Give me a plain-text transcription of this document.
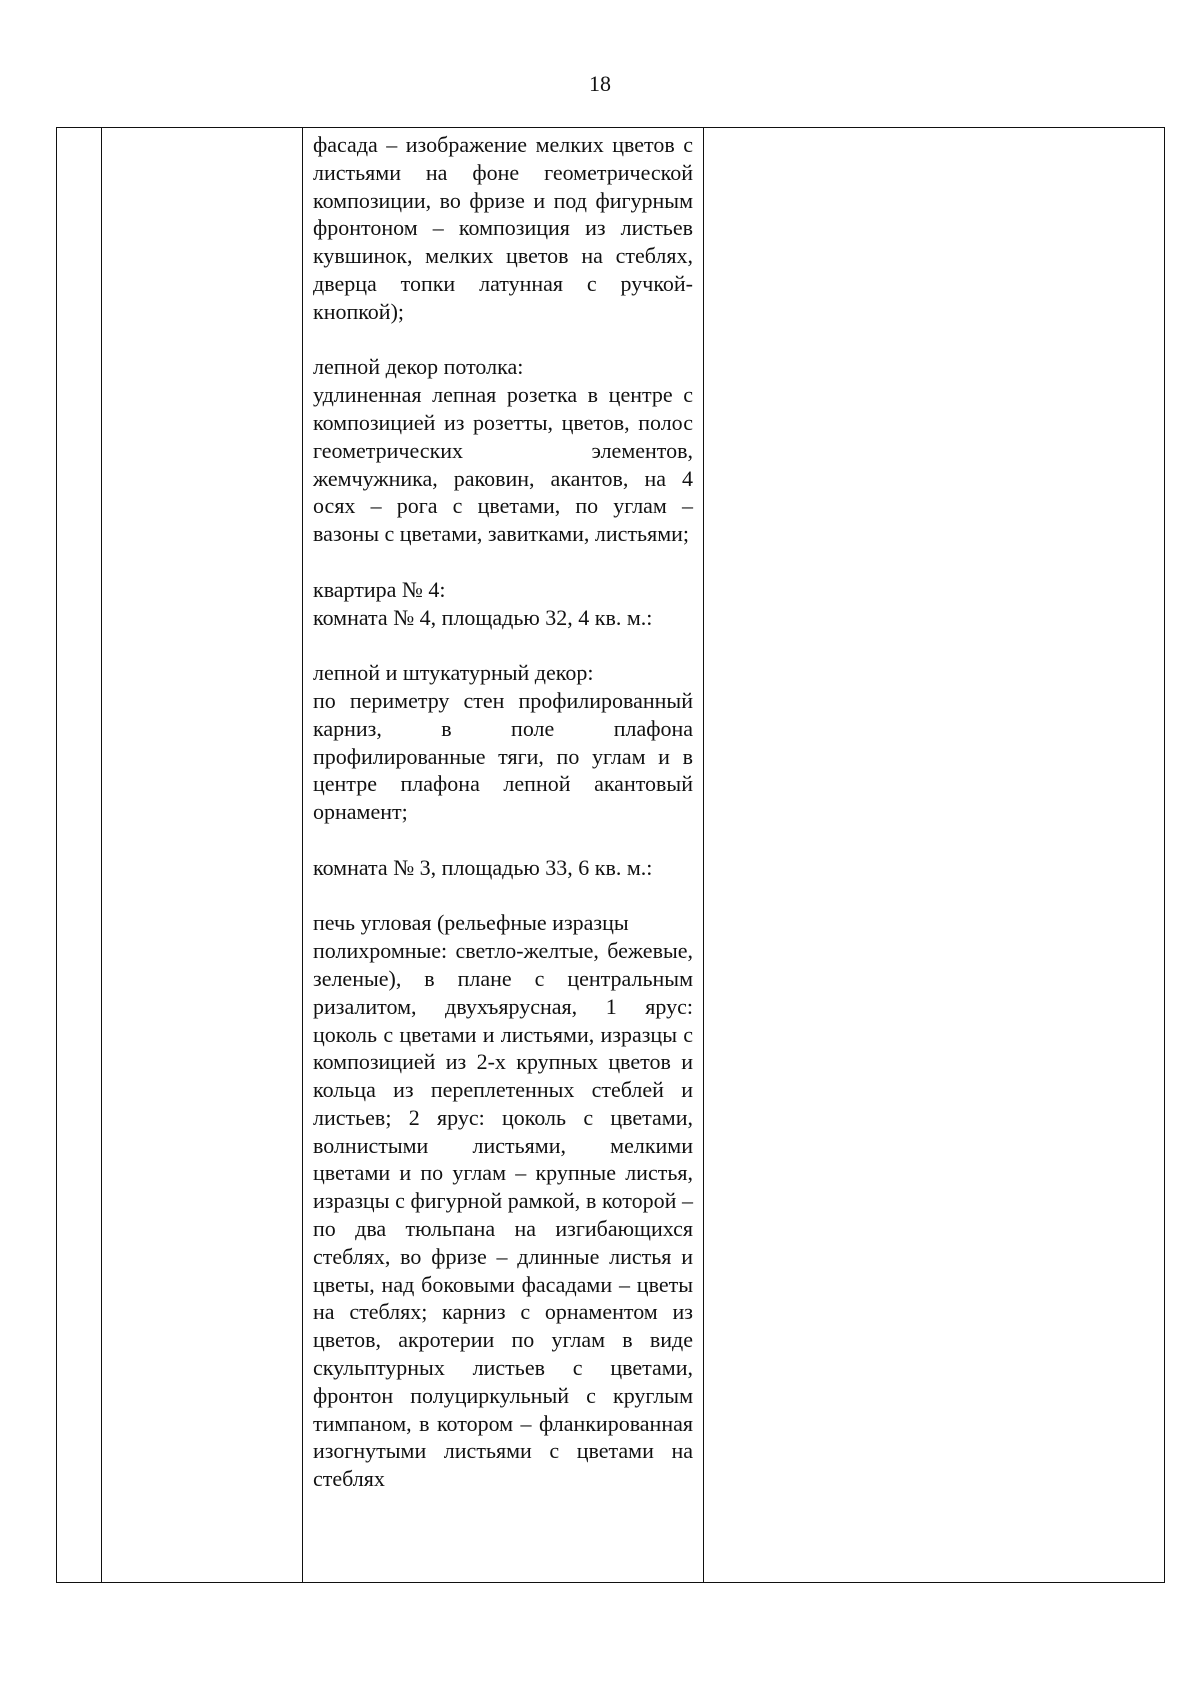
18

фасада – изображение мелких цветов с листьями на фоне геометрической композиции, во фризе и под фигурным фронтоном – композиция из листьев кувшинок, мелких цветов на стеблях, дверца топки латунная с ручкой-кнопкой);

лепной декор потолка:

удлиненная лепная розетка в центре с композицией из розетты, цветов, полос геометрических элементов, жемчужника, раковин, акантов, на 4 осях – рога с цветами, по углам – вазоны с цветами, завитками, листьями;

квартира № 4:

комната № 4, площадью 32, 4 кв. м.:

лепной и штукатурный декор:

по периметру стен профилированный карниз, в поле плафона профилированные тяги, по углам и в центре плафона лепной акантовый орнамент;

комната № 3, площадью 33, 6 кв. м.:

печь угловая (рельефные изразцы

полихромные: светло-желтые, бежевые, зеленые), в плане с центральным ризалитом, двухъярусная, 1 ярус: цоколь с цветами и листьями, изразцы с композицией из 2-х крупных цветов и кольца из переплетенных стеблей и листьев; 2 ярус: цоколь с цветами, волнистыми листьями, мелкими цветами и по углам – крупные листья, изразцы с фигурной рамкой, в которой – по два тюльпана на изгибающихся стеблях, во фризе – длинные листья и цветы, над боковыми фасадами – цветы на стеблях; карниз с орнаментом из цветов, акротерии по углам в виде скульптурных листьев с цветами, фронтон полуциркульный с круглым тимпаном, в котором – фланкированная изогнутыми листьями с цветами на стеблях
